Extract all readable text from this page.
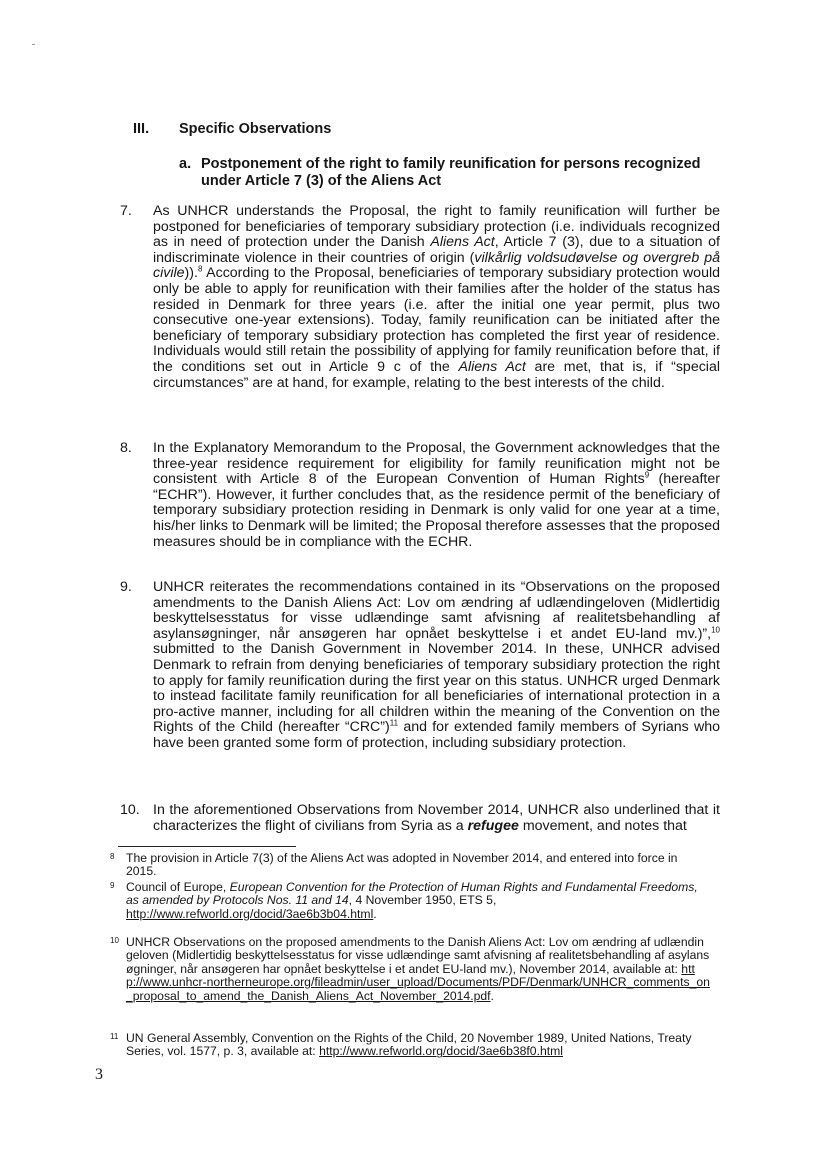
III. Specific Observations
a. Postponement of the right to family reunification for persons recognized under Article 7 (3) of the Aliens Act
7.	As UNHCR understands the Proposal, the right to family reunification will further be postponed for beneficiaries of temporary subsidiary protection (i.e. individuals recognized as in need of protection under the Danish Aliens Act, Article 7 (3), due to a situation of indiscriminate violence in their countries of origin (vilkårlig voldsudøvelse og overgreb på civile)).$^8$ According to the Proposal, beneficiaries of temporary subsidiary protection would only be able to apply for reunification with their families after the holder of the status has resided in Denmark for three years (i.e. after the initial one year permit, plus two consecutive one-year extensions). Today, family reunification can be initiated after the beneficiary of temporary subsidiary protection has completed the first year of residence. Individuals would still retain the possibility of applying for family reunification before that, if the conditions set out in Article 9 c of the Aliens Act are met, that is, if “special circumstances” are at hand, for example, relating to the best interests of the child.
8.	In the Explanatory Memorandum to the Proposal, the Government acknowledges that the three-year residence requirement for eligibility for family reunification might not be consistent with Article 8 of the European Convention of Human Rights$^9$ (hereafter “ECHR”). However, it further concludes that, as the residence permit of the beneficiary of temporary subsidiary protection residing in Denmark is only valid for one year at a time, his/her links to Denmark will be limited; the Proposal therefore assesses that the proposed measures should be in compliance with the ECHR.
9.	UNHCR reiterates the recommendations contained in its “Observations on the proposed amendments to the Danish Aliens Act: Lov om ændring af udlændingeloven (Midlertidig beskyttelsesstatus for visse udlændinge samt afvisning af realitetsbehandling af asylansøgninger, når ansøgeren har opnået beskyttelse i et andet EU-land mv.)”,$^{10}$ submitted to the Danish Government in November 2014. In these, UNHCR advised Denmark to refrain from denying beneficiaries of temporary subsidiary protection the right to apply for family reunification during the first year on this status. UNHCR urged Denmark to instead facilitate family reunification for all beneficiaries of international protection in a pro-active manner, including for all children within the meaning of the Convention on the Rights of the Child (hereafter “CRC”)$^{11}$ and for extended family members of Syrians who have been granted some form of protection, including subsidiary protection.
10. In the aforementioned Observations from November 2014, UNHCR also underlined that it characterizes the flight of civilians from Syria as a refugee movement, and notes that
8 The provision in Article 7(3) of the Aliens Act was adopted in November 2014, and entered into force in 2015.
9 Council of Europe, European Convention for the Protection of Human Rights and Fundamental Freedoms, as amended by Protocols Nos. 11 and 14, 4 November 1950, ETS 5, http://www.refworld.org/docid/3ae6b3b04.html.
10 UNHCR Observations on the proposed amendments to the Danish Aliens Act: Lov om ændring af udlændingeloven (Midlertidig beskyttelsesstatus for visse udlændinge samt afvisning af realitetsbehandling af asylansøgninger, når ansøgeren har opnået beskyttelse i et andet EU-land mv.), November 2014, available at: http://www.unhcr-northerneurope.org/fileadmin/user_upload/Documents/PDF/Denmark/UNHCR_comments_on_proposal_to_amend_the_Danish_Aliens_Act_November_2014.pdf.
11 UN General Assembly, Convention on the Rights of the Child, 20 November 1989, United Nations, Treaty Series, vol. 1577, p. 3, available at: http://www.refworld.org/docid/3ae6b38f0.html
3
